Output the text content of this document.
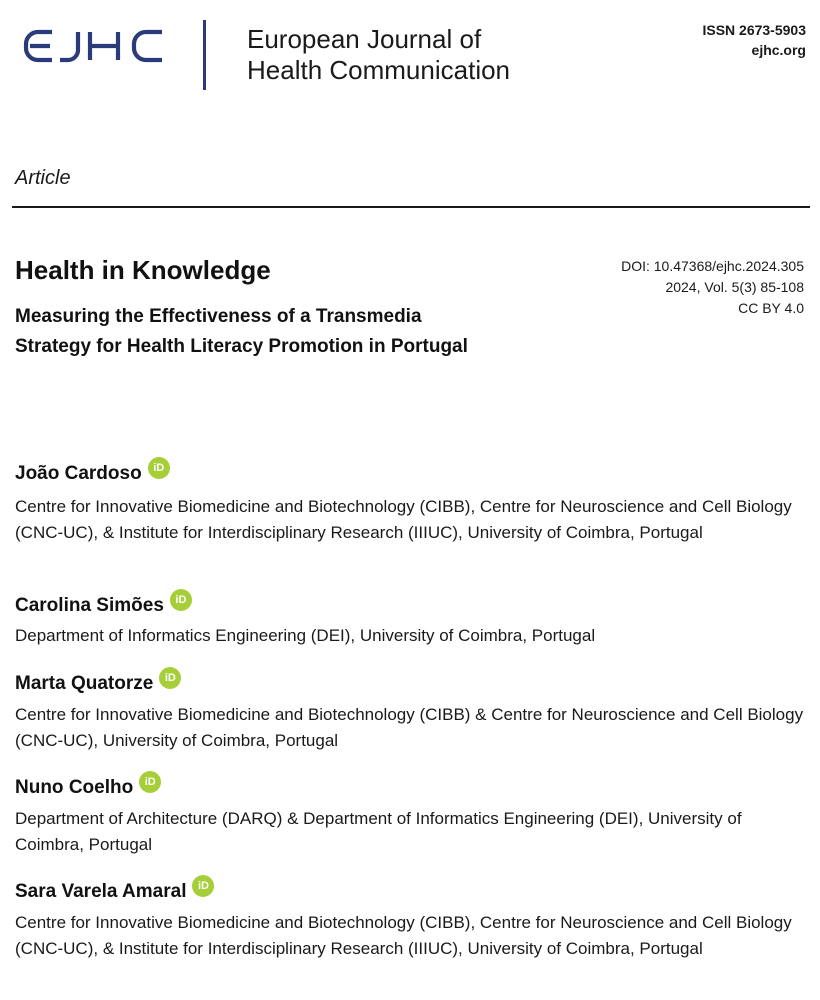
European Journal of
Health Communication
ISSN 2673-5903
ejhc.org
Article
Health in Knowledge
Measuring the Effectiveness of a Transmedia Strategy for Health Literacy Promotion in Portugal
DOI: 10.47368/ejhc.2024.305
2024, Vol. 5(3) 85-108
CC BY 4.0
João Cardoso	iD
Centre for Innovative Biomedicine and Biotechnology (CIBB), Centre for Neuroscience and Cell Biology (CNC-UC), & Institute for Interdisciplinary Research (IIIUC), University of Coimbra, Portugal
Carolina Simões	iD
Department of Informatics Engineering (DEI), University of Coimbra, Portugal
Marta Quatorze	iD
Centre for Innovative Biomedicine and Biotechnology (CIBB) & Centre for Neuroscience and Cell Biology (CNC-UC), University of Coimbra, Portugal
Nuno Coelho	iD
Department of Architecture (DARQ) & Department of Informatics Engineering (DEI), University of Coimbra, Portugal
Sara Varela Amaral	iD
Centre for Innovative Biomedicine and Biotechnology (CIBB), Centre for Neuroscience and Cell Biology (CNC-UC), & Institute for Interdisciplinary Research (IIIUC), University of Coimbra, Portugal
